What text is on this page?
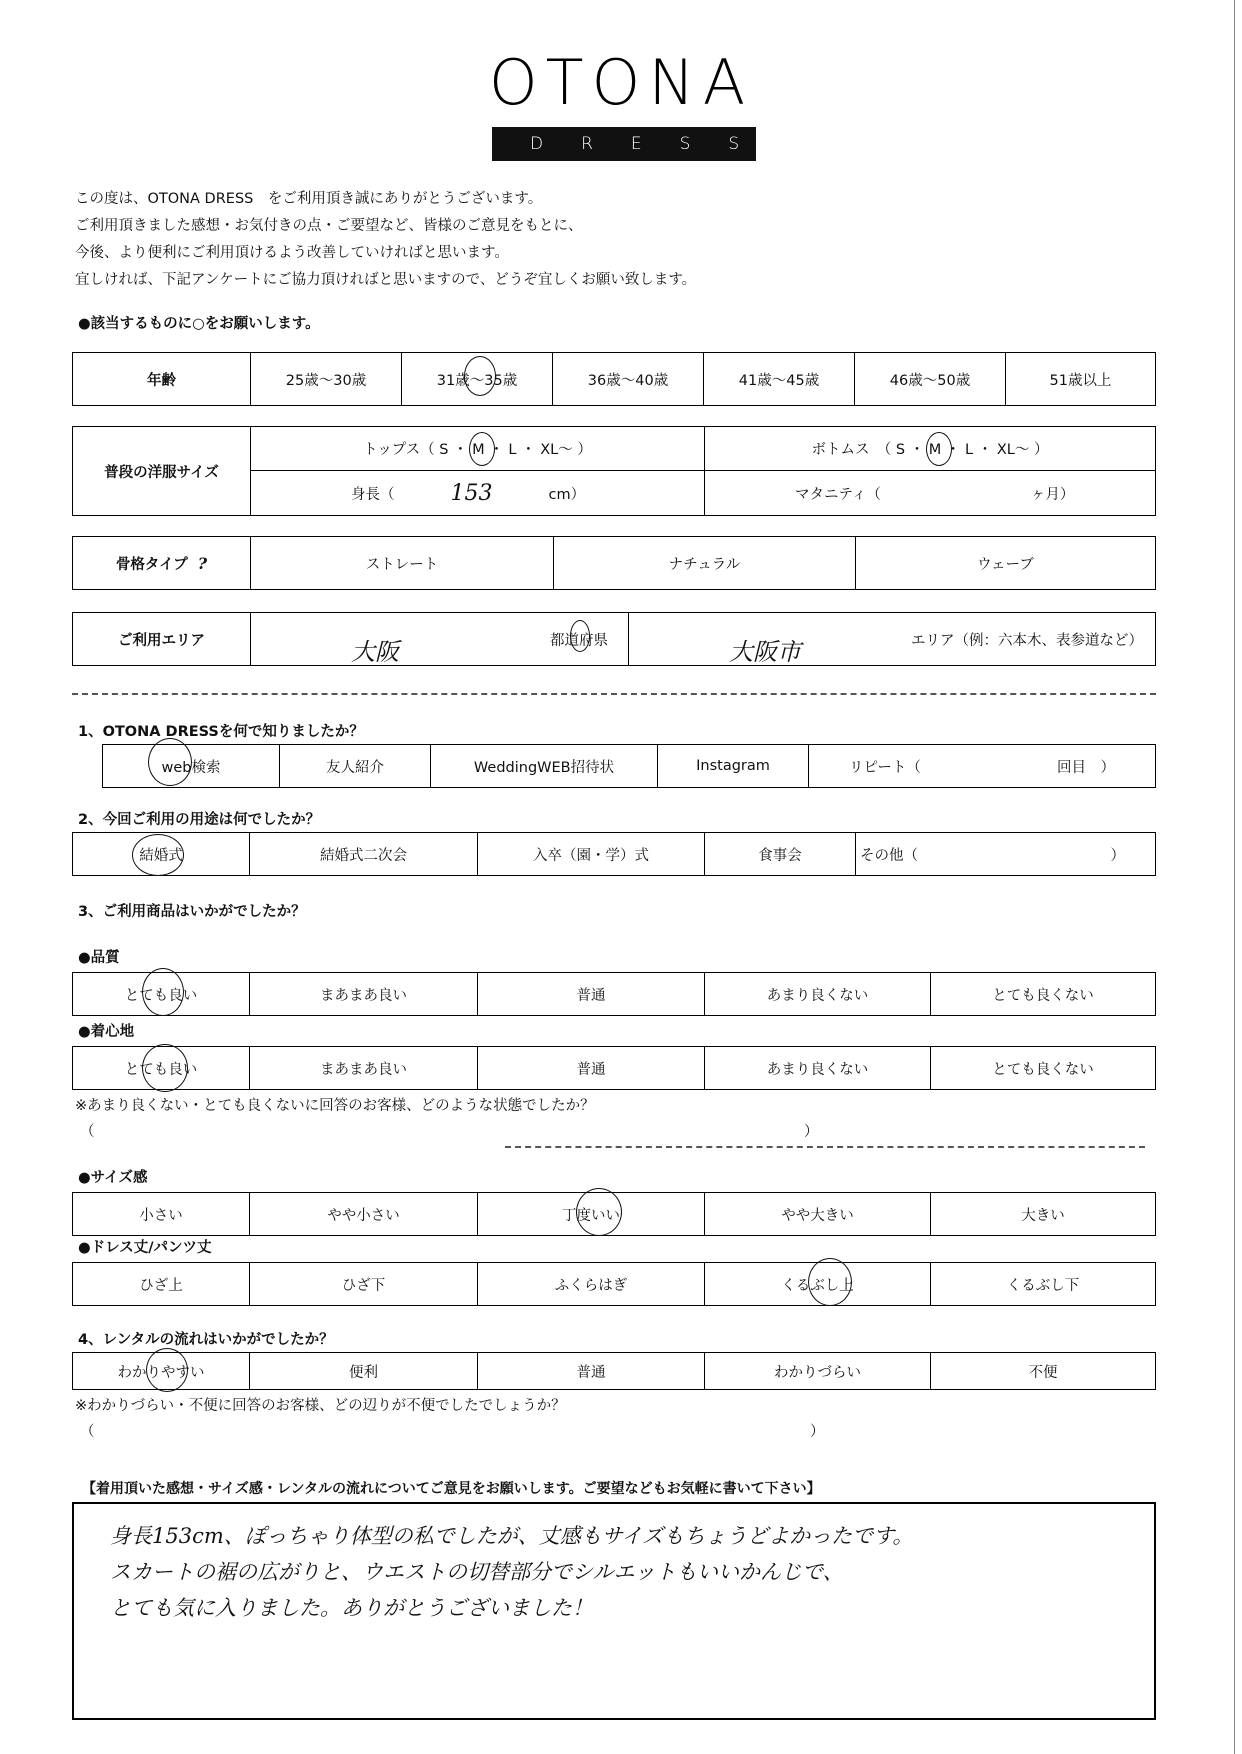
OTONA
DRESS
この度は、OTONA DRESS　をご利用頂き誠にありがとうございます。
ご利用頂きました感想・お気付きの点・ご要望など、皆様のご意見をもとに、
今後、より便利にご利用頂けるよう改善していければと思います。
宜しければ、下記アンケートにご協力頂ければと思いますので、どうぞ宜しくお願い致します。
●該当するものに○をお願いします。
年齢	25歳～30歳	31歳～35歳	36歳～40歳	41歳～45歳	46歳～50歳	51歳以上
普段の洋服サイズ
トップス（ S ・ M ・ L ・ XL～ ）	ボトムス　（ S ・ M ・ L ・ XL～ ）
身長（	153	cm）	マタニティ（	ヶ月）
骨格タイプ ?	ストレート	ナチュラル	ウェーブ
ご利用エリア	大阪	都道府県	大阪市	エリア（例：六本木、表参道など）
1、OTONA DRESSを何で知りましたか？
web検索	友人紹介	WeddingWEB招待状	Instagram	リピート（	回目　）
2、今回ご利用の用途は何でしたか？
結婚式	結婚式二次会	入卒（園・学）式	食事会	その他（	）
3、ご利用商品はいかがでしたか？
●品質
とても良い	まあまあ良い	普通	あまり良くない	とても良くない
●着心地
とても良い	まあまあ良い	普通	あまり良くない	とても良くない
※あまり良くない・とても良くないに回答のお客様、どのような状態でしたか？
（	）
●サイズ感
小さい	やや小さい	丁度いい	やや大きい	大きい
●ドレス丈/パンツ丈
ひざ上	ひざ下	ふくらはぎ	くるぶし上	くるぶし下
4、レンタルの流れはいかがでしたか？
わかりやすい	便利	普通	わかりづらい	不便
※わかりづらい・不便に回答のお客様、どの辺りが不便でしたでしょうか？
（	）
【着用頂いた感想・サイズ感・レンタルの流れについてご意見をお願いします。ご要望などもお気軽に書いて下さい】
身長153cm、ぽっちゃり体型の私でしたが、丈感もサイズもちょうどよかったです。
スカートの裾の広がりと、ウエストの切替部分でシルエットもいいかんじで、
とても気に入りました。ありがとうございました！
